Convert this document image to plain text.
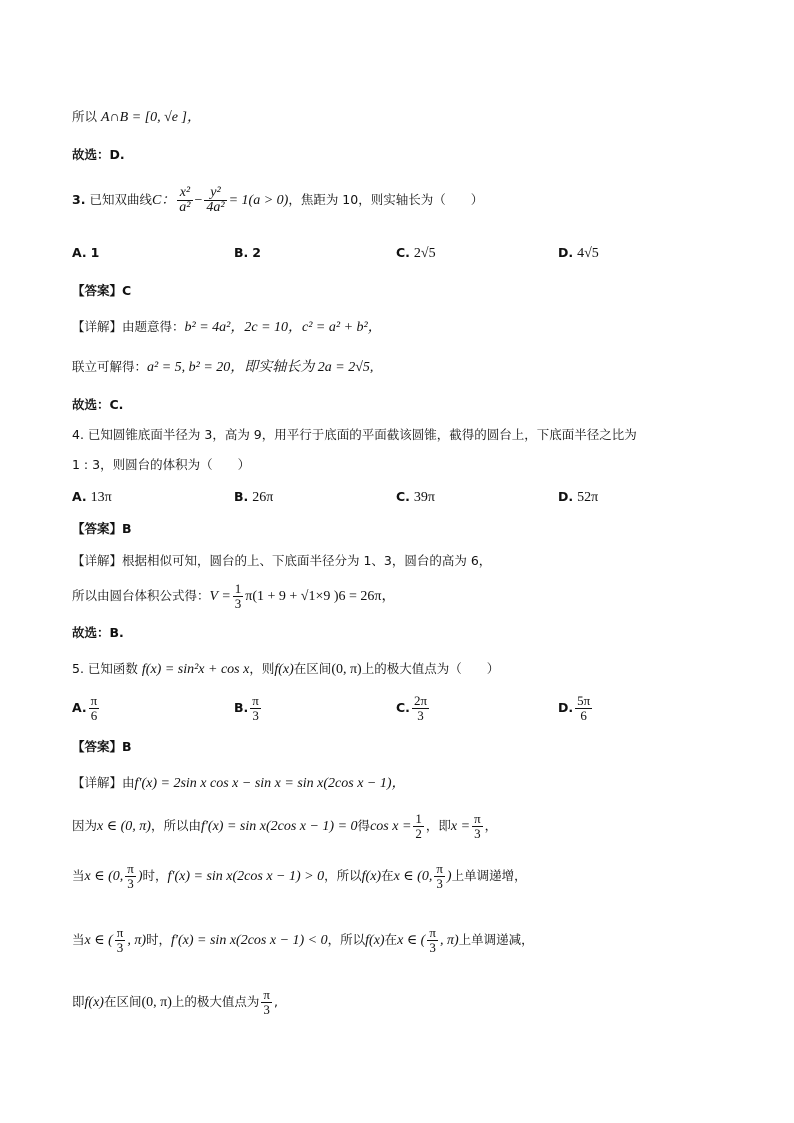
所以 A∩B = [0, √e ]，
故选：D.
3. 已知双曲线C： $\frac{\text{x²}}{\text{a²}} - \frac{\text{y²}}{\text{4a²}} = 1(a > 0)$，焦距为 10，则实轴长为（　　）
A. 1	B. 2	C. 2√5	D. 4√5
【答案】C
【详解】由题意得：b² = 4a²，2c = 10，c² = a² + b²，
联立可解得：a² = 5, b² = 20，即实轴长为 2a = 2√5,
故选：C.
4. 已知圆锥底面半径为 3，高为 9，用平行于底面的平面截该圆锥，截得的圆台上，下底面半径之比为
1 : 3，则圆台的体积为（　　）
A. 13π	B. 26π	C. 39π	D. 52π
【答案】B
【详解】根据相似可知，圆台的上、下底面半径分为 1、3，圆台的高为 6，
所以由圆台体积公式得：$V = \frac{1}{3} \pi(1 + 9 + √1\times 9$ )6 = 26π，
故选：B.
5. 已知函数 f(x) = sin²x + cos x，则f(x)在区间(0, π)上的极大值点为（　　）
A. $\frac{\pi}{6}$	B. $\frac{\pi}{3}$	C. $\frac{2\pi}{3}$	D. $\frac{5\pi}{6}$
【答案】B
【详解】由f′(x) = 2sin x cos x − sin x = sin x(2cos x − 1)，
因为x ∈ (0, π)，所以由f′(x) = sin x(2cos x − 1) = 0得$\cos x = \frac{1}{2}$ ，即$x = \frac{\pi}{3}$ ，
当x ∈ (0, $\frac{\pi}{3}$ )时，f′(x) = sin x(2cos x − 1) > 0，所以f(x)在x ∈ (0, $\frac{\pi}{3}$ )上单调递增，
当x ∈ ( $\frac{\pi}{3}$ , π)时，f′(x) = sin x(2cos x − 1) < 0，所以f(x)在x ∈ ( $\frac{\pi}{3}$ , π)上单调递减，
即f(x)在区间(0, π)上的极大值点为 $\frac{\pi}{3}$ ,
